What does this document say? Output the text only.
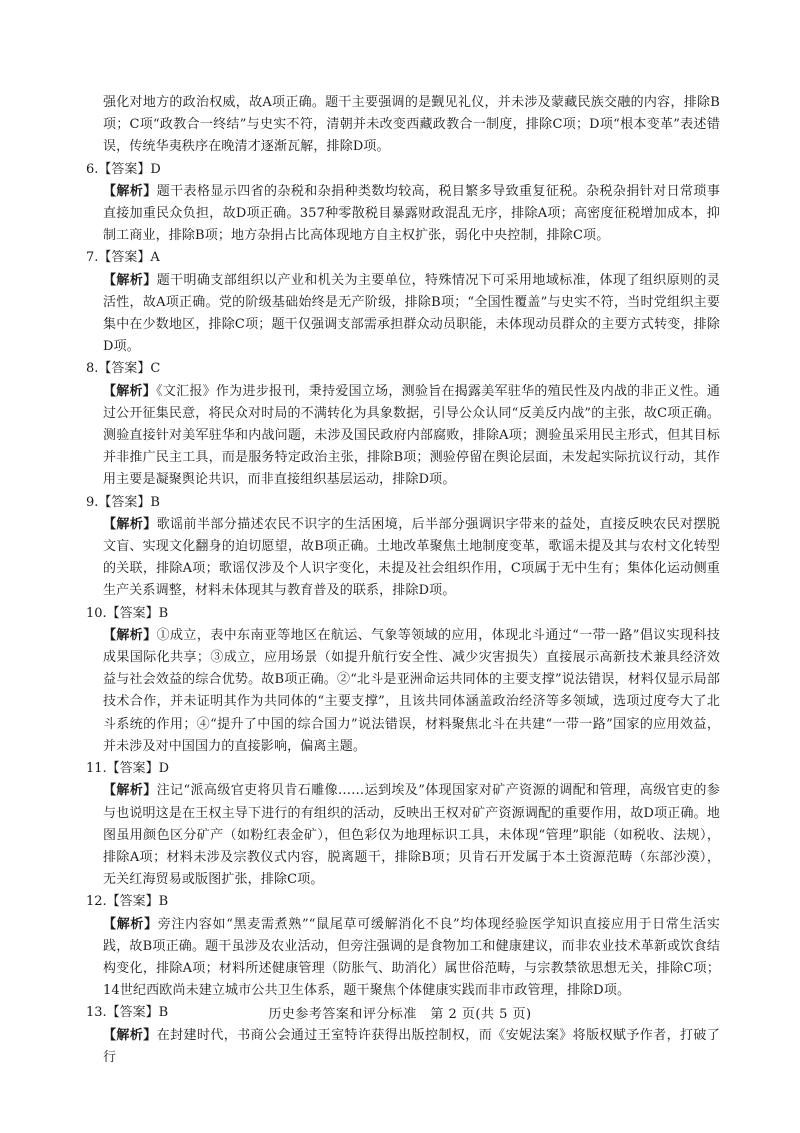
强化对地方的政治权威，故A项正确。题干主要强调的是觐见礼仪，并未涉及蒙藏民族交融的内容，排除B项；C项“政教合一终结”与史实不符，清朝并未改变西藏政教合一制度，排除C项；D项“根本变革”表述错误，传统华夷秩序在晚清才逐渐瓦解，排除D项。

6.【答案】D

【解析】题干表格显示四省的杂税和杂捐种类数均较高，税目繁多导致重复征税。杂税杂捐针对日常琐事直接加重民众负担，故D项正确。357种零散税目暴露财政混乱无序，排除A项；高密度征税增加成本，抑制工商业，排除B项；地方杂捐占比高体现地方自主权扩张，弱化中央控制，排除C项。

7.【答案】A

【解析】题干明确支部组织以产业和机关为主要单位，特殊情况下可采用地域标准，体现了组织原则的灵活性，故A项正确。党的阶级基础始终是无产阶级，排除B项；“全国性覆盖”与史实不符，当时党组织主要集中在少数地区，排除C项；题干仅强调支部需承担群众动员职能，未体现动员群众的主要方式转变，排除D项。

8.【答案】C

【解析】《文汇报》作为进步报刊，秉持爱国立场，测验旨在揭露美军驻华的殖民性及内战的非正义性。通过公开征集民意，将民众对时局的不满转化为具象数据，引导公众认同“反美反内战”的主张，故C项正确。测验直接针对美军驻华和内战问题，未涉及国民政府内部腐败，排除A项；测验虽采用民主形式，但其目标并非推广民主工具，而是服务特定政治主张，排除B项；测验停留在舆论层面，未发起实际抗议行动，其作用主要是凝聚舆论共识，而非直接组织基层运动，排除D项。

9.【答案】B

【解析】歌谣前半部分描述农民不识字的生活困境，后半部分强调识字带来的益处，直接反映农民对摆脱文盲、实现文化翻身的迫切愿望，故B项正确。土地改革聚焦土地制度变革，歌谣未提及其与农村文化转型的关联，排除A项；歌谣仅涉及个人识字变化，未提及社会组织作用，C项属于无中生有；集体化运动侧重生产关系调整，材料未体现其与教育普及的联系，排除D项。

10.【答案】B

【解析】①成立，表中东南亚等地区在航运、气象等领域的应用，体现北斗通过“一带一路”倡议实现科技成果国际化共享；③成立，应用场景（如提升航行安全性、减少灾害损失）直接展示高新技术兼具经济效益与社会效益的综合优势。故B项正确。②“北斗是亚洲命运共同体的主要支撑”说法错误，材料仅显示局部技术合作，并未证明其作为共同体的“主要支撑”，且该共同体涵盖政治经济等多领域，选项过度夸大了北斗系统的作用；④“提升了中国的综合国力”说法错误，材料聚焦北斗在共建“一带一路”国家的应用效益，并未涉及对中国国力的直接影响，偏离主题。

11.【答案】D

【解析】注记“派高级官吏将贝肯石雕像……运到埃及”体现国家对矿产资源的调配和管理，高级官吏的参与也说明这是在王权主导下进行的有组织的活动，反映出王权对矿产资源调配的重要作用，故D项正确。地图虽用颜色区分矿产（如粉红表金矿），但色彩仅为地理标识工具，未体现“管理”职能（如税收、法规），排除A项；材料未涉及宗教仪式内容，脱离题干，排除B项；贝肯石开发属于本土资源范畴（东部沙漠），无关红海贸易或版图扩张，排除C项。

12.【答案】B

【解析】旁注内容如“黑麦需煮熟”“鼠尾草可缓解消化不良”均体现经验医学知识直接应用于日常生活实践，故B项正确。题干虽涉及农业活动，但旁注强调的是食物加工和健康建议，而非农业技术革新或饮食结构变化，排除A项；材料所述健康管理（防胀气、助消化）属世俗范畴，与宗教禁欲思想无关，排除C项；14世纪西欧尚未建立城市公共卫生体系，题干聚焦个体健康实践而非市政管理，排除D项。

13.【答案】B

【解析】在封建时代，书商公会通过王室特许获得出版控制权，而《安妮法案》将版权赋予作者，打破了行

历史参考答案和评分标准　第 2 页(共 5 页)
